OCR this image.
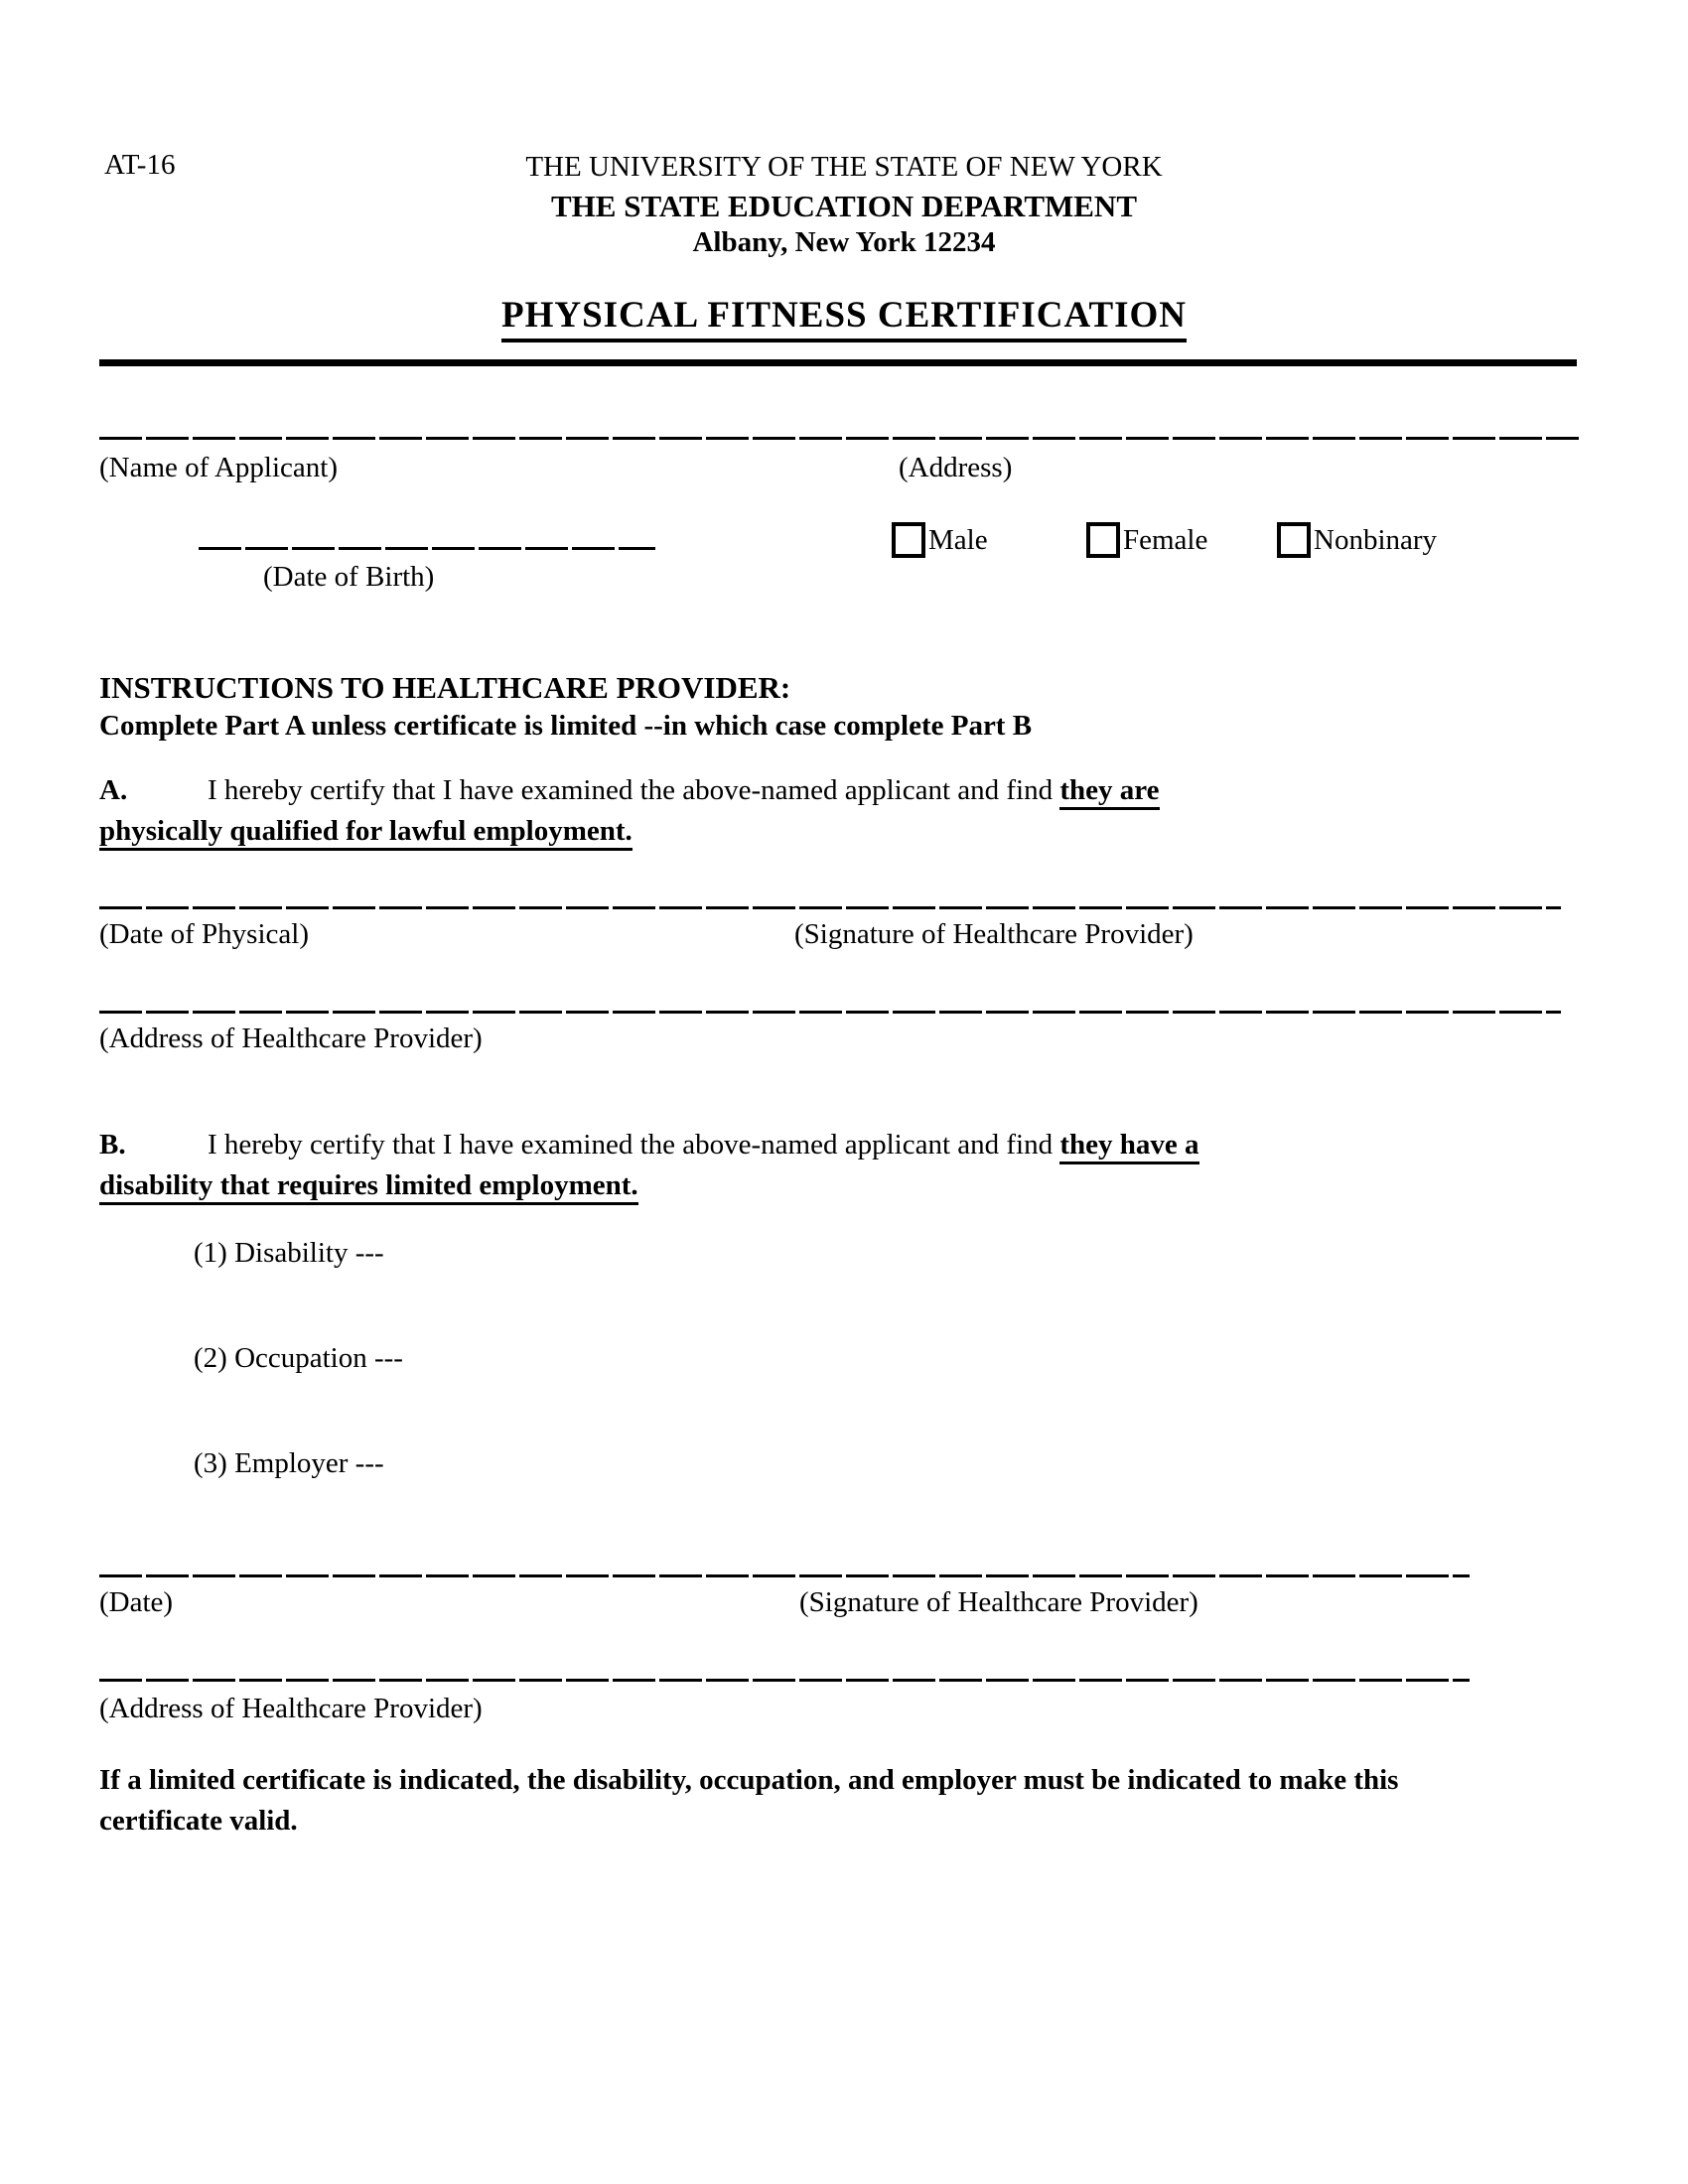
AT-16	THE UNIVERSITY OF THE STATE OF NEW YORK
THE STATE EDUCATION DEPARTMENT
Albany, New York 12234
PHYSICAL FITNESS CERTIFICATION
(Name of Applicant)	(Address)
(Date of Birth)
Male	Female	Nonbinary
INSTRUCTIONS TO HEALTHCARE PROVIDER:
Complete Part A unless certificate is limited --in which case complete Part B
A.	I hereby certify that I have examined the above-named applicant and find they are
physically qualified for lawful employment.
(Date of Physical)	(Signature of Healthcare Provider)
(Address of Healthcare Provider)
B.	I hereby certify that I have examined the above-named applicant and find they have a
disability that requires limited employment.
(1) Disability ---
(2) Occupation ---
(3) Employer ---
(Date)	(Signature of Healthcare Provider)
(Address of Healthcare Provider)
If a limited certificate is indicated, the disability, occupation, and employer must be indicated to make this
certificate valid.
